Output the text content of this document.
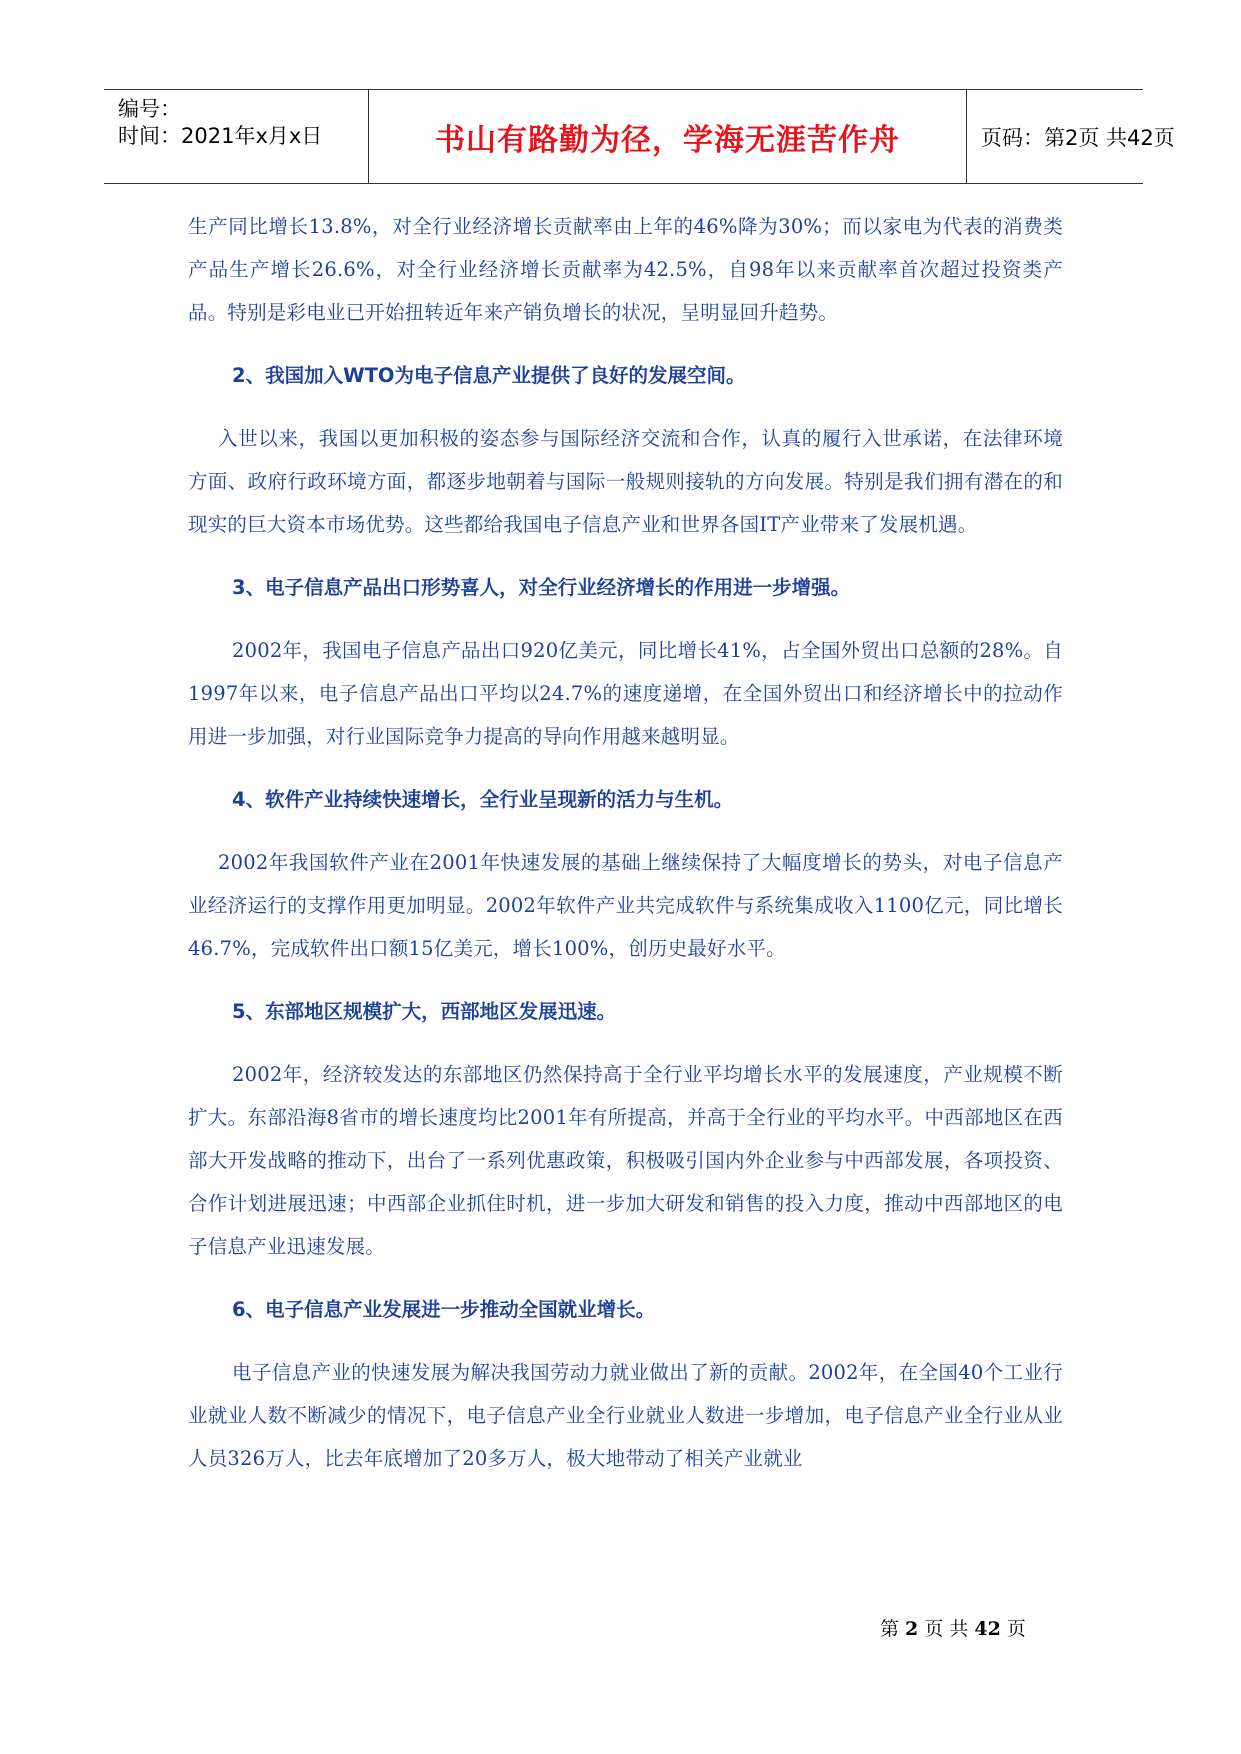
编号：
时间：2021年x月x日	书山有路勤为径，学海无涯苦作舟	页码：第2页 共42页

生产同比增长13.8%，对全行业经济增长贡献率由上年的46%降为30%；而以家电为代表的消费类产品生产增长26.6%，对全行业经济增长贡献率为42.5%，自98年以来贡献率首次超过投资类产品。特别是彩电业已开始扭转近年来产销负增长的状况，呈明显回升趋势。

2、我国加入WTO为电子信息产业提供了良好的发展空间。

入世以来，我国以更加积极的姿态参与国际经济交流和合作，认真的履行入世承诺，在法律环境方面、政府行政环境方面，都逐步地朝着与国际一般规则接轨的方向发展。特别是我们拥有潜在的和现实的巨大资本市场优势。这些都给我国电子信息产业和世界各国IT产业带来了发展机遇。

3、电子信息产品出口形势喜人，对全行业经济增长的作用进一步增强。

2002年，我国电子信息产品出口920亿美元，同比增长41%，占全国外贸出口总额的28%。自1997年以来，电子信息产品出口平均以24.7%的速度递增，在全国外贸出口和经济增长中的拉动作用进一步加强，对行业国际竞争力提高的导向作用越来越明显。

4、软件产业持续快速增长，全行业呈现新的活力与生机。

2002年我国软件产业在2001年快速发展的基础上继续保持了大幅度增长的势头，对电子信息产业经济运行的支撑作用更加明显。2002年软件产业共完成软件与系统集成收入1100亿元，同比增长46.7%，完成软件出口额15亿美元，增长100%，创历史最好水平。

5、东部地区规模扩大，西部地区发展迅速。

2002年，经济较发达的东部地区仍然保持高于全行业平均增长水平的发展速度，产业规模不断扩大。东部沿海8省市的增长速度均比2001年有所提高，并高于全行业的平均水平。中西部地区在西部大开发战略的推动下，出台了一系列优惠政策，积极吸引国内外企业参与中西部发展，各项投资、合作计划进展迅速；中西部企业抓住时机，进一步加大研发和销售的投入力度，推动中西部地区的电子信息产业迅速发展。

6、电子信息产业发展进一步推动全国就业增长。

电子信息产业的快速发展为解决我国劳动力就业做出了新的贡献。2002年，在全国40个工业行业就业人数不断减少的情况下，电子信息产业全行业就业人数进一步增加，电子信息产业全行业从业人员326万人，比去年底增加了20多万人，极大地带动了相关产业就业

第 2 页 共 42 页
